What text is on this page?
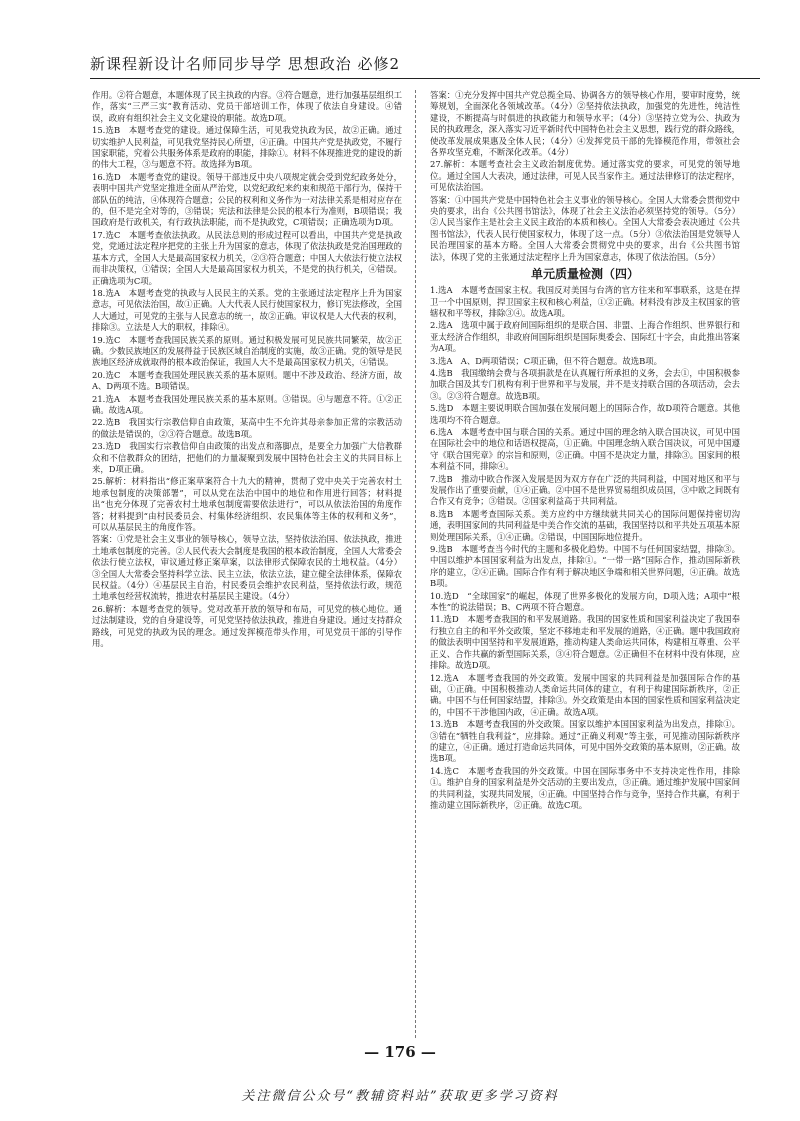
新课程新设计名师同步导学 思想政治 必修2

作用。②符合题意，本题体现了民主执政的内容。③符合题意，进行加强基层组织工作，落实“三严三实”教育活动、党员干部培训工作，体现了依法自身建设。④错误，政府有组织社会主义文化建设的职能。故选D项。

15.选B　本题考查党的建设。通过保障生活，可见我党执政为民，故②正确。通过切实维护人民利益，可见我党坚持民心所望，④正确。中国共产党是执政党，不履行国家职能，究着公共服务体系是政府的职能，排除①。材料不体现推进党的建设的新的伟大工程，③与题意不符。故选择为B项。

16.选D　本题考查党的建设。领导干部违反中央八项规定就会受到党纪政务处分，表明中国共产党坚定推进全面从严治党，以党纪政纪来约束和规范干部行为，保持干部队伍的纯洁，④体现符合题意；公民的权利和义务作为一对法律关系是相对应存在的，但不是完全对等的，③错误；宪法和法律是公民的根本行为准则，B项错误；我国政府是行政机关，有行政执法职能，而不是执政党，C项错误；正确选项为D项。

17.选C　本题考查依法执政。从民法总则的形成过程可以看出，中国共产党是执政党，党通过法定程序把党的主张上升为国家的意志，体现了依法执政是党治国理政的基本方式，全国人大是最高国家权力机关，②③符合题意；中国人大依法行使立法权而非决策权，①错误；全国人大是最高国家权力机关，不是党的执行机关，④错误。正确选项为C项。

18.选A　本题考查党的执政与人民民主的关系。党的主张通过法定程序上升为国家意志，可见依法治国，故①正确。人大代表人民行使国家权力，修订宪法修改，全国人大通过，可见党的主张与人民意志的统一，故②正确。审议权是人大代表的权利，排除③。立法是人大的职权，排除④。

19.选C　本题考查我国民族关系的原则。通过积极发展可见民族共同繁荣，故②正确。少数民族地区的发展得益于民族区域自治制度的实施，故③正确。党的领导是民族地区经济成就取得的根本政治保证，我国人大不是最高国家权力机关，④错误。

20.选C　本题考查我国处理民族关系的基本原则。题中不涉及政治、经济方面，故A、D两项不选。B项错误。

21.选A　本题考查我国处理民族关系的基本原则。③错误。④与题意不符。①②正确。故选A项。

22.选B　我国实行宗教信仰自由政策，某高中生不允许其母亲参加正常的宗教活动的做法是错误的，②③符合题意。故选B项。

23.选D　我国实行宗教信仰自由政策的出发点和落脚点，是要全力加强广大信教群众和不信教群众的团结，把他们的力量凝聚到发展中国特色社会主义的共同目标上来，D项正确。

25.解析：材料指出“修正案草案符合十九大的精神，贯彻了党中央关于完善农村土地承包制度的决策部署”，可以从党在法治中国中的地位和作用进行回答；材料提出“也充分体现了完善农村土地承包制度需要依法进行”，可以从依法治国的角度作答；材料提到“由村民委员会、村集体经济组织、农民集体等主体的权利和义务”，可以从基层民主的角度作答。

答案：①党是社会主义事业的领导核心，领导立法，坚持依法治国、依法执政，推进土地承包制度的完善。②人民代表大会制度是我国的根本政治制度，全国人大常委会依法行使立法权，审议通过修正案草案，以法律形式保障农民的土地权益。（4分）③全国人大常委会坚持科学立法、民主立法，依法立法，建立健全法律体系，保障农民权益。（4分）④基层民主自治，村民委员会维护农民利益，坚持依法行政，规范土地承包经营权流转，推进农村基层民主建设。（4分）

26.解析：本题考查党的领导。党对改革开放的领导和布局，可见党的核心地位。通过法制建设，党的自身建设等，可见党坚持依法执政，推进自身建设。通过支持群众路线，可见党的执政为民的理念。通过发挥模范带头作用，可见党员干部的引导作用。

答案：①充分发挥中国共产党总揽全局、协调各方的领导核心作用，要审时度势，统筹规划，全面深化各领域改革。（4分）②坚持依法执政，加强党的先进性，纯洁性建设，不断提高与时俱进的执政能力和领导水平；（4分）③坚持立党为公、执政为民的执政理念，深入落实习近平新时代中国特色社会主义思想，践行党的群众路线，使改革发展成果惠及全体人民；（4分）④发挥党员干部的先锋模范作用，带领社会各界攻坚克难，不断深化改革。（4分）

27.解析：本题考查社会主义政治制度优势。通过落实党的要求，可见党的领导地位。通过全国人大表决，通过法律，可见人民当家作主。通过法律修订的法定程序，可见依法治国。

答案：①中国共产党是中国特色社会主义事业的领导核心。全国人大常委会贯彻党中央的要求，出台《公共图书馆法》，体现了社会主义法治必须坚持党的领导。（5分）②人民当家作主是社会主义民主政治的本质和核心。全国人大常委会表决通过《公共图书馆法》，代表人民行使国家权力，体现了这一点。（5分）③依法治国是党领导人民治理国家的基本方略。全国人大常委会贯彻党中央的要求，出台《公共图书馆法》，体现了党的主张通过法定程序上升为国家意志，体现了依法治国。（5分）

单元质量检测（四）

1.选A　本题考查国家主权。我国反对美国与台湾的官方往来和军事联系，这是在捍卫一个中国原则，捍卫国家主权和核心利益，①②正确。材料没有涉及主权国家的管辖权和平等权，排除③④。故选A项。

2.选A　选项中属于政府间国际组织的是联合国、非盟、上海合作组织、世界银行和亚太经济合作组织，非政府间国际组织是国际奥委会、国际红十字会，由此推出答案为A项。

3.选A　A、D两项错误；C项正确，但不符合题意。故选B项。

4.选B　我国缴纳会费与各项捐款是在认真履行所承担的义务，会去①，中国积极参加联合国及其专门机构有利于世界和平与发展，并不是支持联合国的各项活动，会去③。②③符合题意。故选B项。

5.选D　本题主要说明联合国加强在发展问题上的国际合作，故D项符合题意。其他选项均不符合题意。

6.选A　本题考查中国与联合国的关系。通过中国的理念纳入联合国决议，可见中国在国际社会中的地位和话语权提高，①正确。中国理念纳入联合国决议，可见中国遵守《联合国宪章》的宗旨和原则，②正确。中国不是决定力量，排除③。国家间的根本利益不同，排除④。

7.选B　推动中欧合作深入发展是因为双方存在广泛的共同利益，中国对地区和平与发展作出了重要贡献，①④正确。②中国不是世界贸易组织成员国，③中欧之间既有合作又有竞争；③错误。②国家利益高于共同利益。

8.选B　本题考查国际关系。美方应约中方继续就共同关心的国际问题保持密切沟通，表明国家间的共同利益是中美合作交流的基础，我国坚持以和平共处五项基本原则处理国际关系，①④正确。②错误，中国国际地位提升。

9.选B　本题考查当今时代的主题和多极化趋势。中国不与任何国家结盟，排除③。中国以维护本国国家利益为出发点，排除①。“一带一路”国际合作，推动国际新秩序的建立，②④正确。国际合作有利于解决地区争端和相关世界问题，④正确。故选B项。

10.选D　“全球国家”的崛起，体现了世界多极化的发展方向，D项入选；A项中“根本性”的说法错误；B、C两项不符合题意。

11.选D　本题考查我国的和平发展道路。我国的国家性质和国家利益决定了我国奉行独立自主的和平外交政策，坚定不移地走和平发展的道路，④正确。题中我国政府的做法表明中国坚持和平发展道路，推动构建人类命运共同体，构建相互尊重、公平正义、合作共赢的新型国际关系，③④符合题意。②正确但不在材料中没有体现，应排除。故选D项。

12.选A　本题考查我国的外交政策。发展中国家的共同利益是加强国际合作的基础，①正确。中国积极推动人类命运共同体的建立，有利于构建国际新秩序，②正确。中国不与任何国家结盟，排除③。外交政策是由本国的国家性质和国家利益决定的，中国不干涉他国内政，④正确。故选A项。

13.选B　本题考查我国的外交政策。国家以维护本国国家利益为出发点，排除①。③错在“牺牲自我利益”，应排除。通过“正确义利观”等主张，可见推动国际新秩序的建立，④正确。通过打造命运共同体，可见中国外交政策的基本原则，②正确。故选B项。

14.选C　本题考查我国的外交政策。中国在国际事务中不支持决定性作用，排除①。维护自身的国家利益是外交活动的主要出发点，③正确。通过维护发展中国家间的共同利益，实现共同发展，④正确。中国坚持合作与竞争，坚持合作共赢，有利于推动建立国际新秩序，②正确。故选C项。

— 176 —
关注微信公众号“教辅资料站”获取更多学习资料
